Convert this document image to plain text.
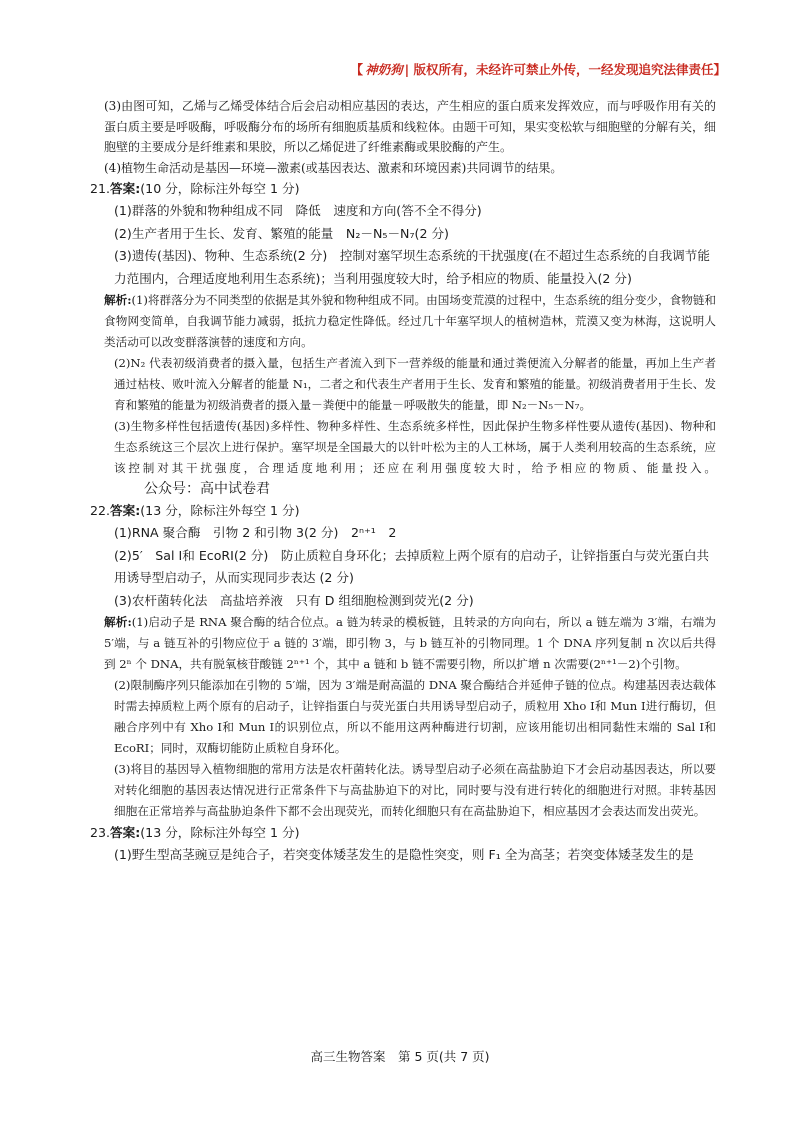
【 神奶狗 | 版权所有，未经许可禁止外传，一经发现追究法律责任】

(3)由图可知，乙烯与乙烯受体结合后会启动相应基因的表达，产生相应的蛋白质来发挥效应，而与呼吸作用有关的蛋白质主要是呼吸酶，呼吸酶分布的场所有细胞质基质和线粒体。由题干可知，果实变松软与细胞壁的分解有关，细胞壁的主要成分是纤维素和果胶，所以乙烯促进了纤维素酶或果胶酶的产生。

(4)植物生命活动是基因—环境—激素(或基因表达、激素和环境因素)共同调节的结果。

21.答案:(10 分，除标注外每空 1 分)

(1)群落的外貌和物种组成不同　降低　速度和方向(答不全不得分)

(2)生产者用于生长、发育、繁殖的能量　N₂－N₅－N₇(2 分)

(3)遗传(基因)、物种、生态系统(2 分)　控制对塞罕坝生态系统的干扰强度(在不超过生态系统的自我调节能力范围内，合理适度地利用生态系统)；当利用强度较大时，给予相应的物质、能量投入(2 分)

解析:(1)将群落分为不同类型的依据是其外貌和物种组成不同。由国场变荒漠的过程中，生态系统的组分变少，食物链和食物网变简单，自我调节能力减弱，抵抗力稳定性降低。经过几十年塞罕坝人的植树造林，荒漠又变为林海，这说明人类活动可以改变群落演替的速度和方向。

(2)N₂ 代表初级消费者的摄入量，包括生产者流入到下一营养级的能量和通过粪便流入分解者的能量，再加上生产者通过枯枝、败叶流入分解者的能量 N₁，二者之和代表生产者用于生长、发育和繁殖的能量。初级消费者用于生长、发育和繁殖的能量为初级消费者的摄入量－粪便中的能量－呼吸散失的能量，即 N₂－N₅－N₇。

(3)生物多样性包括遗传(基因)多样性、物种多样性、生态系统多样性，因此保护生物多样性要从遗传(基因)、物种和生态系统这三个层次上进行保护。塞罕坝是全国最大的以针叶松为主的人工林场，属于人类利用较高的生态系统，应该控制对其干扰强度，合理适度地利用；还应在利用强度较大时，给予相应的物质、能量投入。公众号：高中试卷君

22.答案:(13 分，除标注外每空 1 分)

(1)RNA 聚合酶　引物 2 和引物 3(2 分)　2ⁿ⁺¹　2

(2)5′　Sal Ⅰ和 EcoRⅠ(2 分)　防止质粒自身环化；去掉质粒上两个原有的启动子，让锌指蛋白与荧光蛋白共用诱导型启动子，从而实现同步表达 (2 分)

(3)农杆菌转化法　高盐培养液　只有 D 组细胞检测到荧光(2 分)

解析:(1)启动子是 RNA 聚合酶的结合位点。a 链为转录的模板链，且转录的方向向右，所以 a 链左端为 3′端，右端为 5′端，与 a 链互补的引物应位于 a 链的 3′端，即引物 3，与 b 链互补的引物同理。1 个 DNA 序列复制 n 次以后共得到 2ⁿ 个 DNA，共有脱氧核苷酸链 2ⁿ⁺¹ 个，其中 a 链和 b 链不需要引物，所以扩增 n 次需要(2ⁿ⁺¹－2)个引物。

(2)限制酶序列只能添加在引物的 5′端，因为 3′端是耐高温的 DNA 聚合酶结合并延伸子链的位点。构建基因表达载体时需去掉质粒上两个原有的启动子，让锌指蛋白与荧光蛋白共用诱导型启动子，质粒用 Xho Ⅰ和 Mun Ⅰ进行酶切，但融合序列中有 Xho Ⅰ和 Mun Ⅰ的识别位点，所以不能用这两种酶进行切割，应该用能切出相同黏性末端的 Sal Ⅰ和 EcoRⅠ；同时，双酶切能防止质粒自身环化。

(3)将目的基因导入植物细胞的常用方法是农杆菌转化法。诱导型启动子必须在高盐胁迫下才会启动基因表达，所以要对转化细胞的基因表达情况进行正常条件下与高盐胁迫下的对比，同时要与没有进行转化的细胞进行对照。非转基因细胞在正常培养与高盐胁迫条件下都不会出现荧光，而转化细胞只有在高盐胁迫下，相应基因才会表达而发出荧光。

23.答案:(13 分，除标注外每空 1 分)

(1)野生型高茎豌豆是纯合子，若突变体矮茎发生的是隐性突变，则 F₁ 全为高茎；若突变体矮茎发生的是

高三生物答案　第 5 页(共 7 页)
